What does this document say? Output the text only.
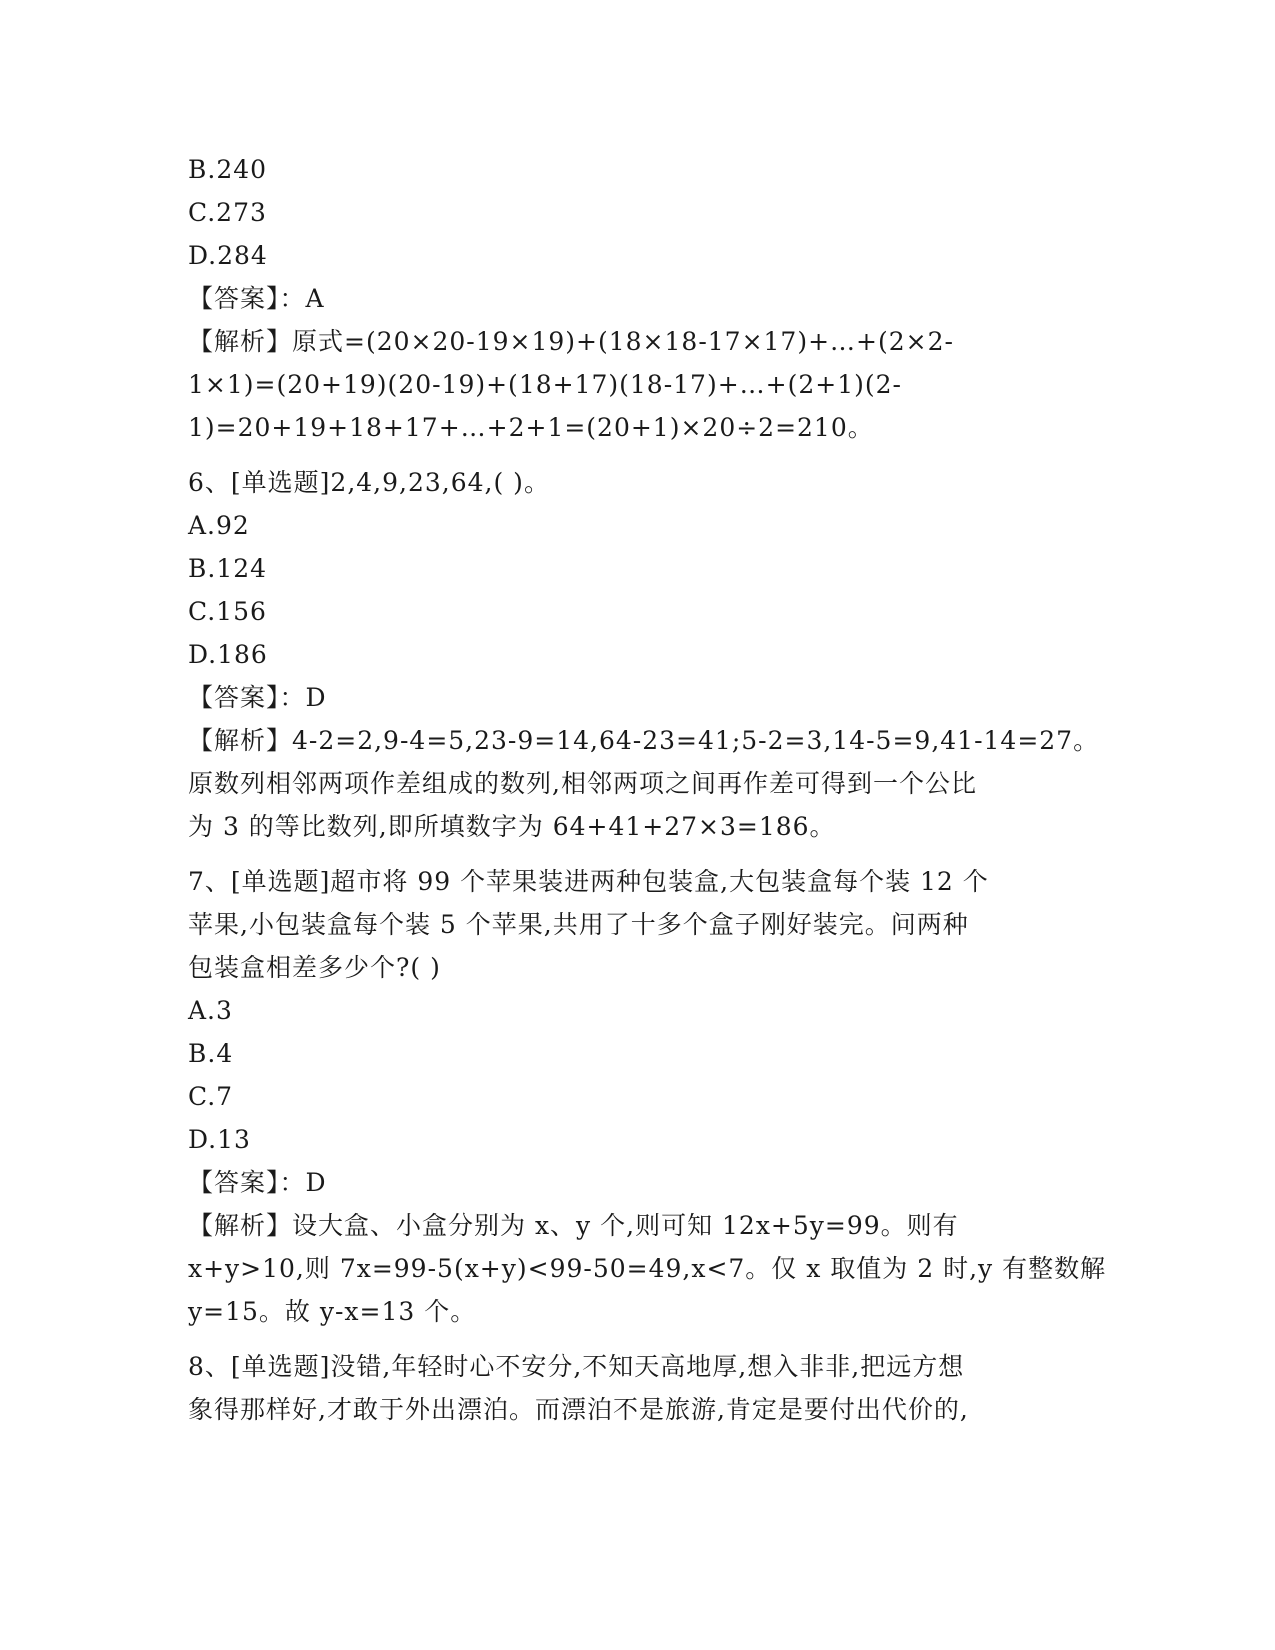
B.240
C.273
D.284
【答案】：A
【解析】原式=(20×20-19×19)+(18×18-17×17)+…+(2×2-
1×1)=(20+19)(20-19)+(18+17)(18-17)+…+(2+1)(2-
1)=20+19+18+17+…+2+1=(20+1)×20÷2=210。
6、[单选题]2,4,9,23,64,( )。
A.92
B.124
C.156
D.186
【答案】：D
【解析】4-2=2,9-4=5,23-9=14,64-23=41;5-2=3,14-5=9,41-14=27。
原数列相邻两项作差组成的数列,相邻两项之间再作差可得到一个公比
为 3 的等比数列,即所填数字为 64+41+27×3=186。
7、[单选题]超市将 99 个苹果装进两种包装盒,大包装盒每个装 12 个
苹果,小包装盒每个装 5 个苹果,共用了十多个盒子刚好装完。问两种
包装盒相差多少个?( )
A.3
B.4
C.7
D.13
【答案】：D
【解析】设大盒、小盒分别为 x、y 个,则可知 12x+5y=99。则有
x+y>10,则 7x=99-5(x+y)<99-50=49,x<7。仅 x 取值为 2 时,y 有整数解
y=15。故 y-x=13 个。
8、[单选题]没错,年轻时心不安分,不知天高地厚,想入非非,把远方想
象得那样好,才敢于外出漂泊。而漂泊不是旅游,肯定是要付出代价的,
